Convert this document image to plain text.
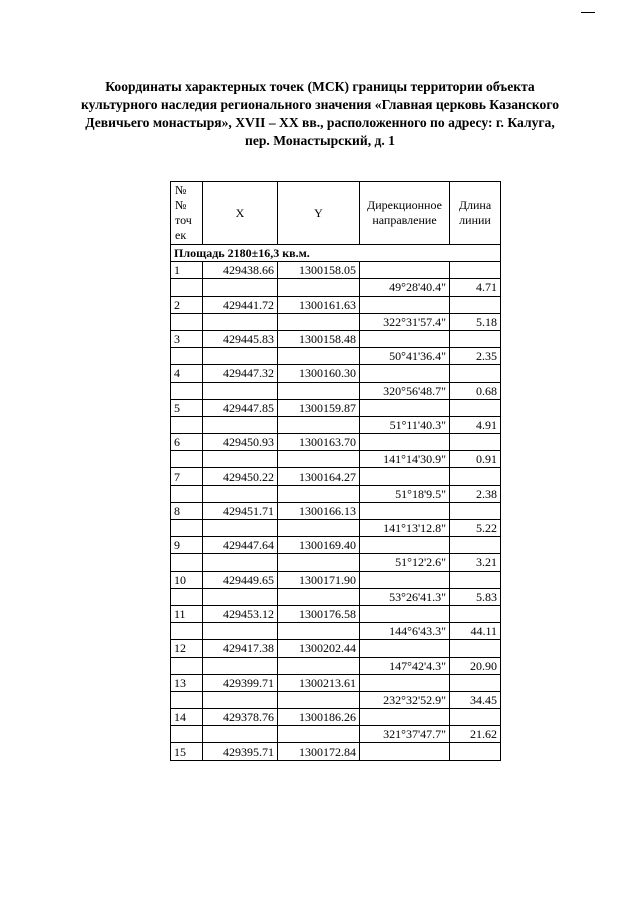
Координаты характерных точек (МСК) границы территории объекта
культурного наследия регионального значения «Главная церковь Казанского
Девичьего монастыря», XVII – XX вв., расположенного по адресу: г. Калуга,
пер. Монастырский, д. 1
№
№
точ
ек	X	Y	Дирекционное
направление	Длина
линии
Площадь 2180±16,3 кв.м.				
1	429438.66	1300158.05		
			49°28'40.4"	4.71
2	429441.72	1300161.63		
			322°31'57.4"	5.18
3	429445.83	1300158.48		
			50°41'36.4"	2.35
4	429447.32	1300160.30		
			320°56'48.7"	0.68
5	429447.85	1300159.87		
			51°11'40.3"	4.91
6	429450.93	1300163.70		
			141°14'30.9"	0.91
7	429450.22	1300164.27		
			51°18'9.5"	2.38
8	429451.71	1300166.13		
			141°13'12.8"	5.22
9	429447.64	1300169.40		
			51°12'2.6"	3.21
10	429449.65	1300171.90		
			53°26'41.3"	5.83
11	429453.12	1300176.58		
			144°6'43.3"	44.11
12	429417.38	1300202.44		
			147°42'4.3"	20.90
13	429399.71	1300213.61		
			232°32'52.9"	34.45
14	429378.76	1300186.26		
			321°37'47.7"	21.62
15	429395.71	1300172.84		
